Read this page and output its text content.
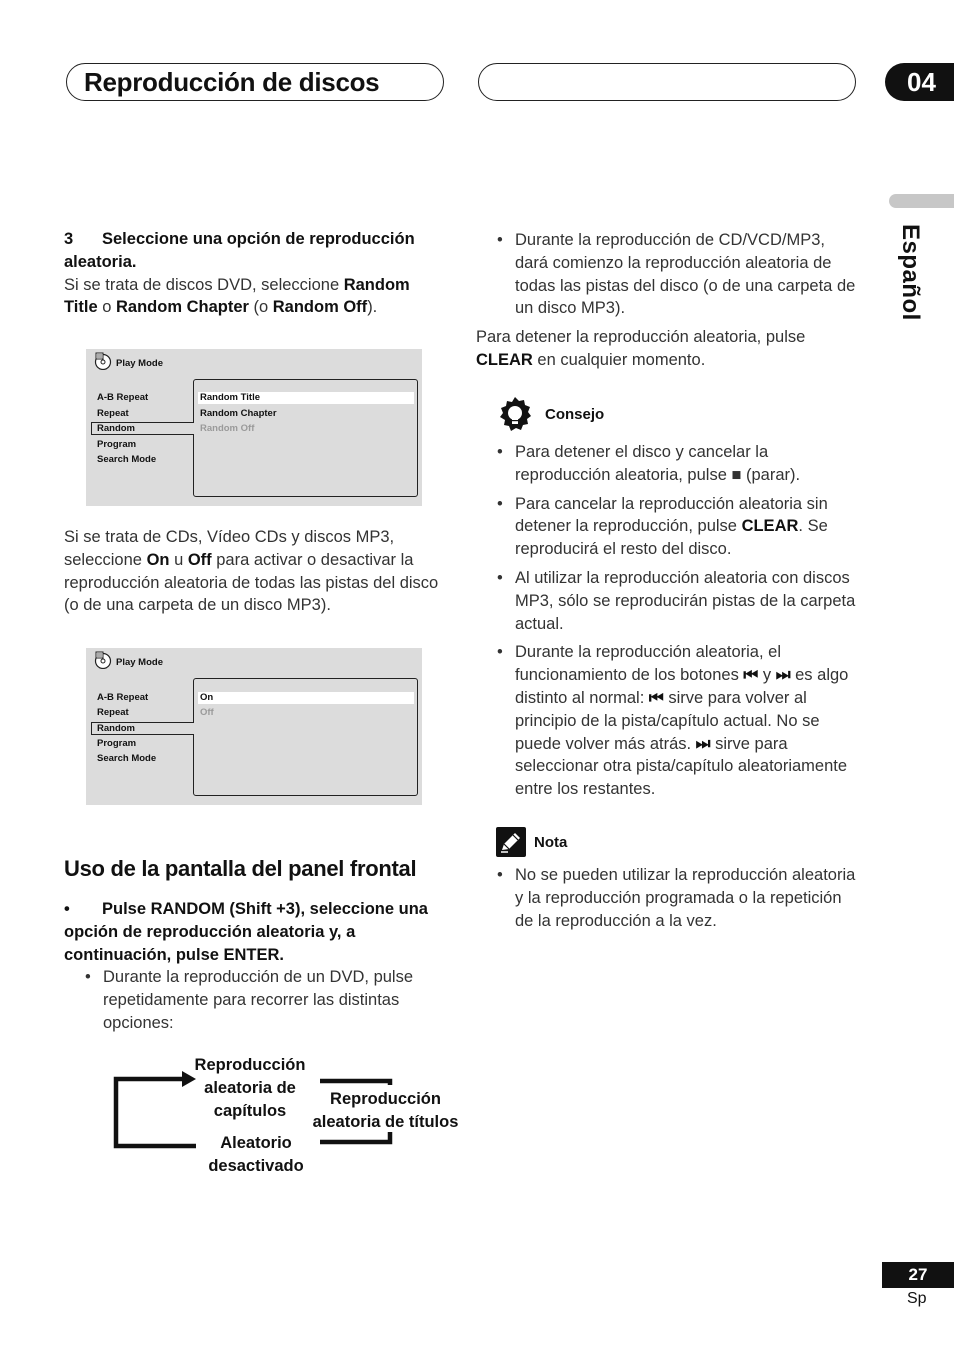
Reproducción de discos	04
Español
3 Seleccione una opción de reproducción aleatoria.
Si se trata de discos DVD, seleccione Random Title o Random Chapter (o Random Off).
Play Mode
A-B Repeat
Repeat
Random
Program
Search Mode
Random Title
Random Chapter
Random Off
Si se trata de CDs, Vídeo CDs y discos MP3, seleccione On u Off para activar o desactivar la reproducción aleatoria de todas las pistas del disco (o de una carpeta de un disco MP3).
Play Mode
A-B Repeat
Repeat
Random
Program
Search Mode
On
Off
Uso de la pantalla del panel frontal
• Pulse RANDOM (Shift +3), seleccione una opción de reproducción aleatoria y, a continuación, pulse ENTER.
• Durante la reproducción de un DVD, pulse repetidamente para recorrer las distintas opciones:
Reproducción aleatoria de capítulos
Reproducción aleatoria de títulos
Aleatorio desactivado
• Durante la reproducción de CD/VCD/MP3, dará comienzo la reproducción aleatoria de todas las pistas del disco (o de una carpeta de un disco MP3).
Para detener la reproducción aleatoria, pulse CLEAR en cualquier momento.
Consejo
• Para detener el disco y cancelar la reproducción aleatoria, pulse ■ (parar).
• Para cancelar la reproducción aleatoria sin detener la reproducción, pulse CLEAR. Se reproducirá el resto del disco.
• Al utilizar la reproducción aleatoria con discos MP3, sólo se reproducirán pistas de la carpeta actual.
• Durante la reproducción aleatoria, el funcionamiento de los botones ⏮ y ⏭ es algo distinto al normal: ⏮ sirve para volver al principio de la pista/capítulo actual. No se puede volver más atrás. ⏭ sirve para seleccionar otra pista/capítulo aleatoriamente entre los restantes.
Nota
• No se pueden utilizar la reproducción aleatoria y la reproducción programada o la repetición de la reproducción a la vez.
27
Sp
